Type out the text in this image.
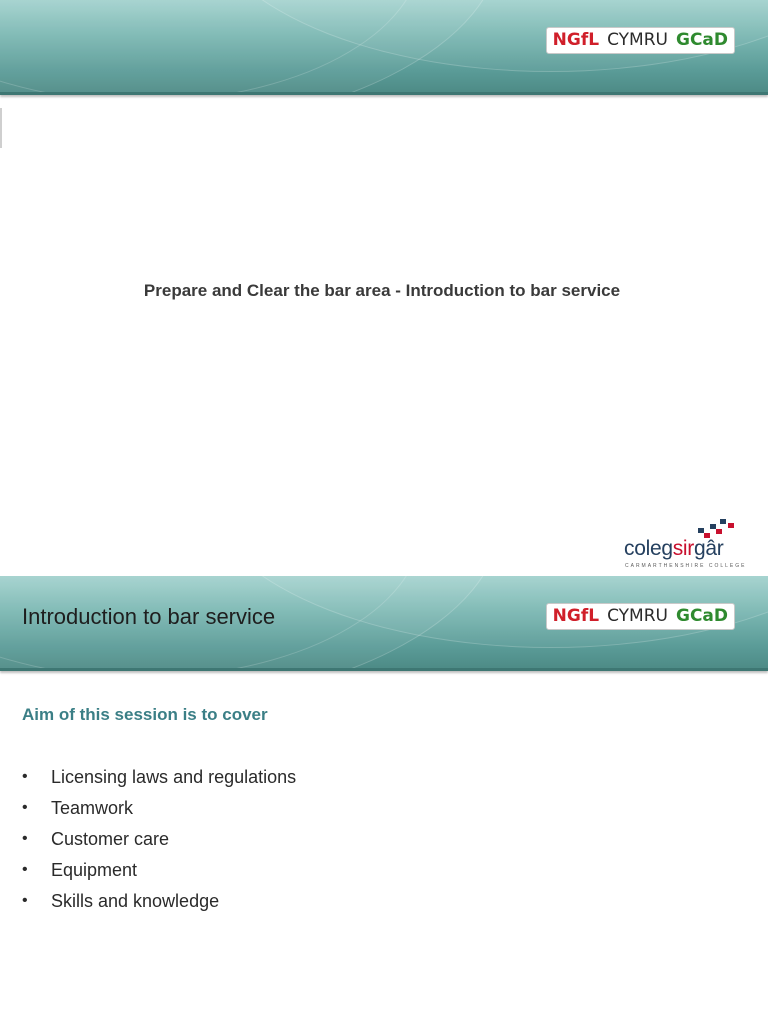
NGfL CYMRU GCaD
Prepare and Clear the bar area - Introduction to bar service
colegsirgâr
CARMARTHENSHIRE COLLEGE
Introduction to bar service	NGfL CYMRU GCaD
Aim of this session is to cover
• Licensing laws and regulations
• Teamwork
• Customer care
• Equipment
• Skills and knowledge
